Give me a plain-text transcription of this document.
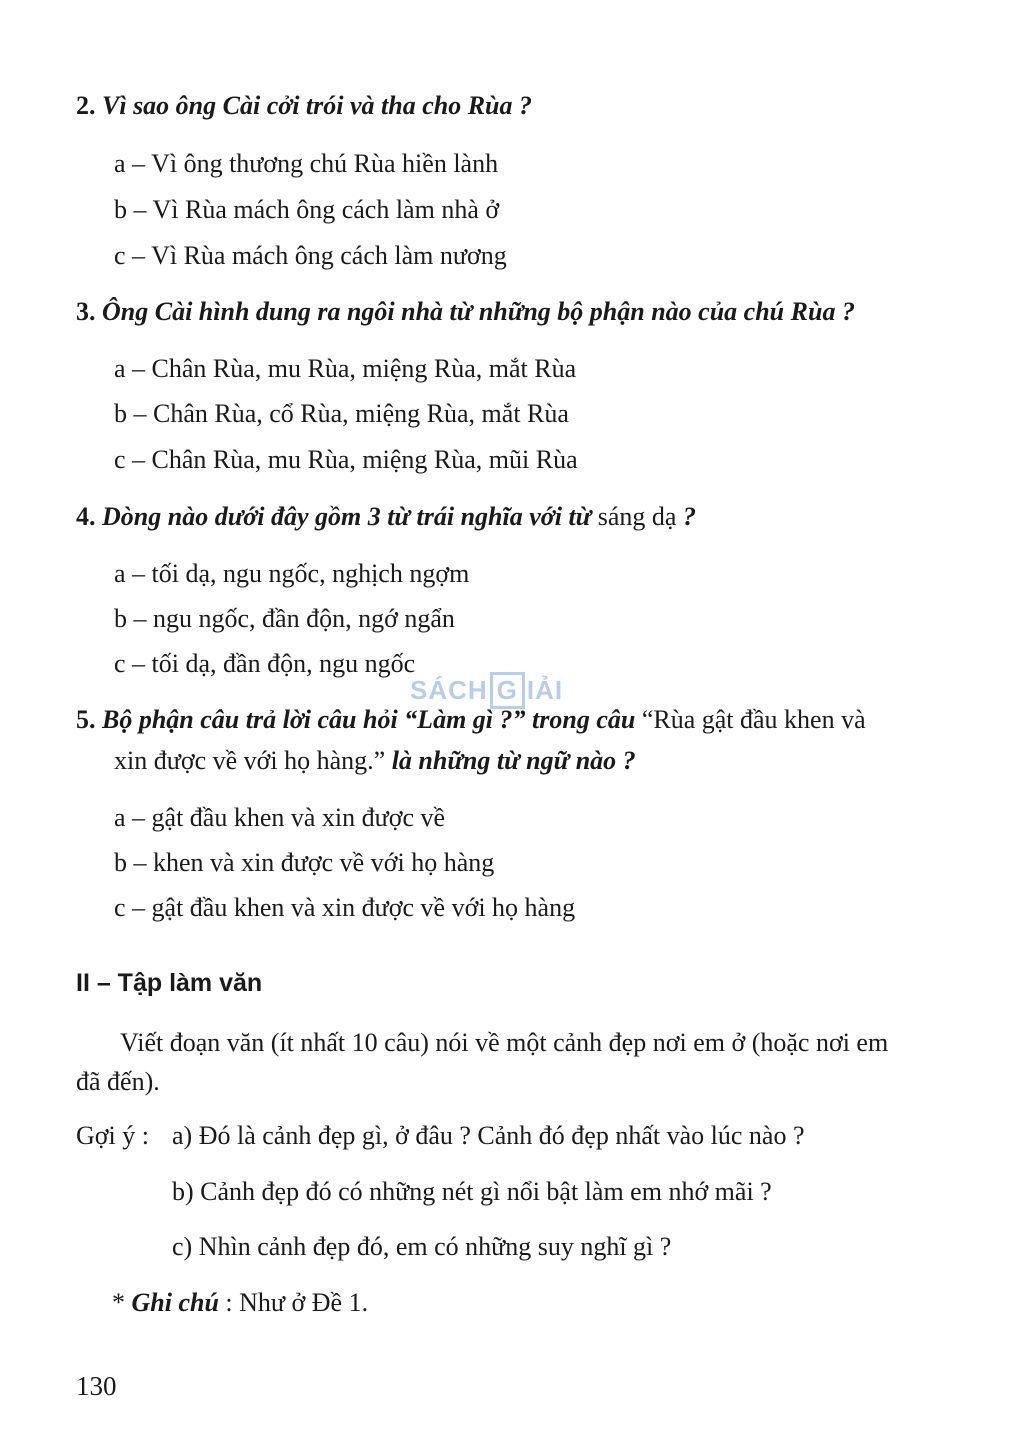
2. Vì sao ông Cài cởi trói và tha cho Rùa ?
a – Vì ông thương chú Rùa hiền lành
b – Vì Rùa mách ông cách làm nhà ở
c – Vì Rùa mách ông cách làm nương
3. Ông Cài hình dung ra ngôi nhà từ những bộ phận nào của chú Rùa ?
a – Chân Rùa, mu Rùa, miệng Rùa, mắt Rùa
b – Chân Rùa, cổ Rùa, miệng Rùa, mắt Rùa
c – Chân Rùa, mu Rùa, miệng Rùa, mũi Rùa
4. Dòng nào dưới đây gồm 3 từ trái nghĩa với từ sáng dạ ?
a – tối dạ, ngu ngốc, nghịch ngợm
b – ngu ngốc, đần độn, ngớ ngẩn
c – tối dạ, đần độn, ngu ngốc
SÁCH G IẢI
5. Bộ phận câu trả lời câu hỏi “Làm gì ?” trong câu “Rùa gật đầu khen và
xin được về với họ hàng.” là những từ ngữ nào ?
a – gật đầu khen và xin được về
b – khen và xin được về với họ hàng
c – gật đầu khen và xin được về với họ hàng
II – Tập làm văn
Viết đoạn văn (ít nhất 10 câu) nói về một cảnh đẹp nơi em ở (hoặc nơi em
đã đến).
Gợi ý : a) Đó là cảnh đẹp gì, ở đâu ? Cảnh đó đẹp nhất vào lúc nào ?
b) Cảnh đẹp đó có những nét gì nổi bật làm em nhớ mãi ?
c) Nhìn cảnh đẹp đó, em có những suy nghĩ gì ?
* Ghi chú : Như ở Đề 1.
130
